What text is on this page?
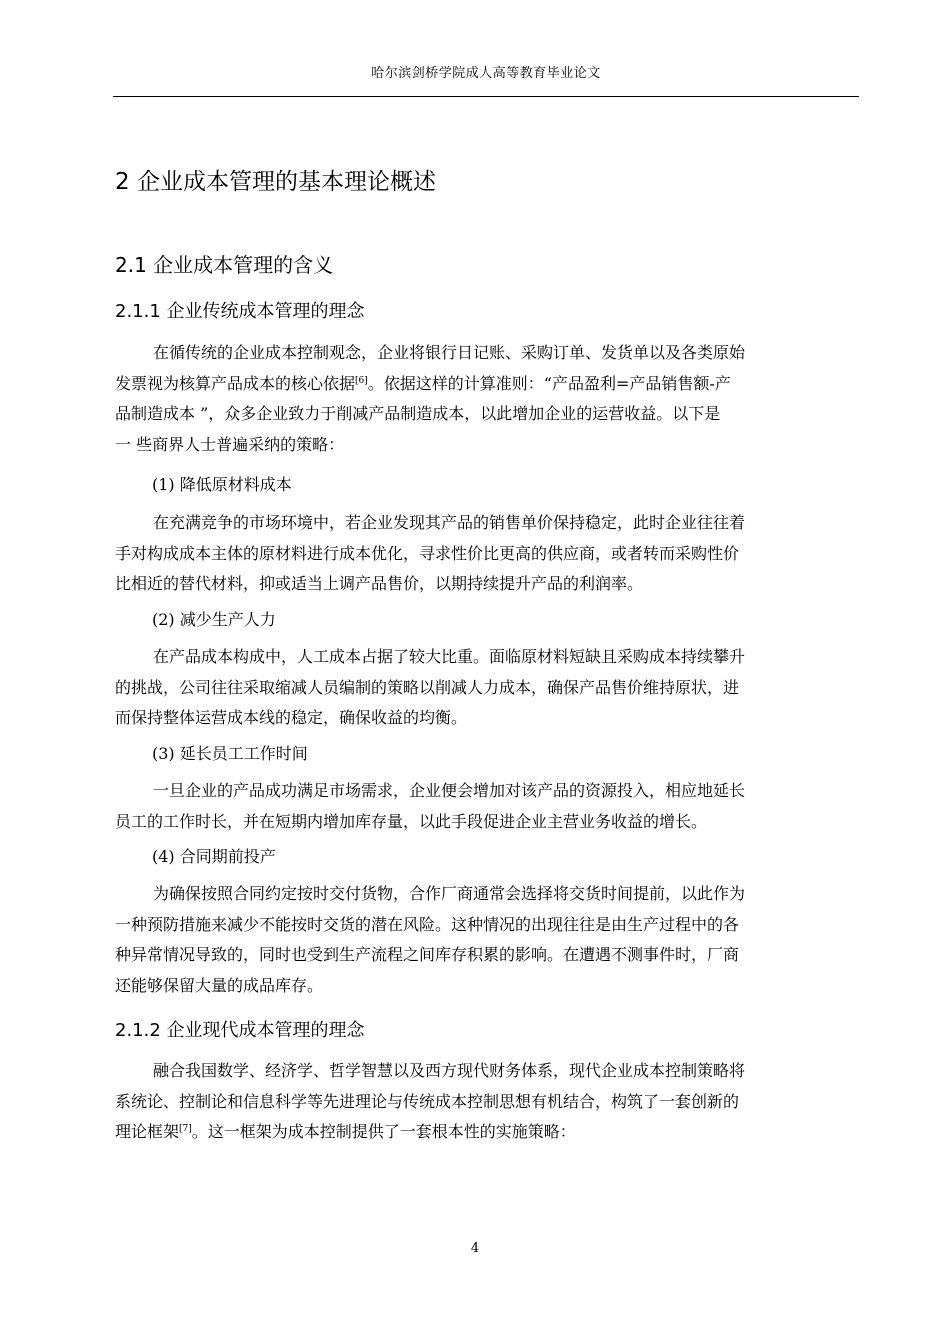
哈尔滨剑桥学院成人高等教育毕业论文
2 企业成本管理的基本理论概述
2.1 企业成本管理的含义
2.1.1 企业传统成本管理的理念
在循传统的企业成本控制观念，企业将银行日记账、采购订单、发货单以及各类原始
发票视为核算产品成本的核心依据[6]。依据这样的计算准则：“产品盈利=产品销售额-产
品制造成本 ”，众多企业致力于削减产品制造成本，以此增加企业的运营收益。以下是
一 些商界人士普遍采纳的策略：
(1) 降低原材料成本
在充满竞争的市场环境中，若企业发现其产品的销售单价保持稳定，此时企业往往着
手对构成成本主体的原材料进行成本优化，寻求性价比更高的供应商，或者转而采购性价
比相近的替代材料，抑或适当上调产品售价，以期持续提升产品的利润率。
(2) 减少生产人力
在产品成本构成中，人工成本占据了较大比重。面临原材料短缺且采购成本持续攀升
的挑战，公司往往采取缩减人员编制的策略以削减人力成本，确保产品售价维持原状，进
而保持整体运营成本线的稳定，确保收益的均衡。
(3) 延长员工工作时间
一旦企业的产品成功满足市场需求，企业便会增加对该产品的资源投入，相应地延长
员工的工作时长，并在短期内增加库存量，以此手段促进企业主营业务收益的增长。
(4) 合同期前投产
为确保按照合同约定按时交付货物，合作厂商通常会选择将交货时间提前，以此作为
一种预防措施来减少不能按时交货的潜在风险。这种情况的出现往往是由生产过程中的各
种异常情况导致的，同时也受到生产流程之间库存积累的影响。在遭遇不测事件时，厂商
还能够保留大量的成品库存。
2.1.2 企业现代成本管理的理念
融合我国数学、经济学、哲学智慧以及西方现代财务体系，现代企业成本控制策略将
系统论、控制论和信息科学等先进理论与传统成本控制思想有机结合，构筑了一套创新的
理论框架[7]。这一框架为成本控制提供了一套根本性的实施策略：
4
